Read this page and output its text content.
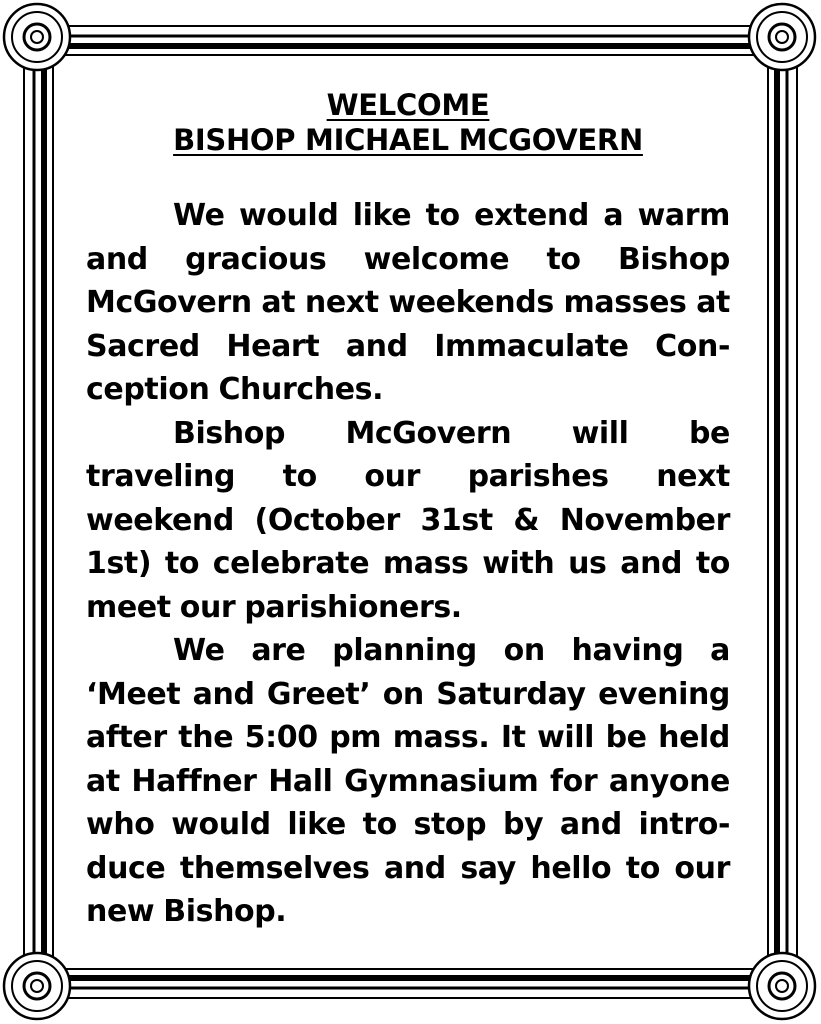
WELCOME
BISHOP MICHAEL MCGOVERN

We would like to extend a warm and gracious welcome to Bishop McGovern at next weekends masses at Sacred Heart and Immaculate Con-ception Churches.

Bishop McGovern will be traveling to our parishes next weekend (October 31st & November 1st) to celebrate mass with us and to meet our parishioners.

We are planning on having a ‘Meet and Greet’ on Saturday evening after the 5:00 pm mass. It will be held at Haffner Hall Gymnasium for anyone who would like to stop by and intro-duce themselves and say hello to our new Bishop.
